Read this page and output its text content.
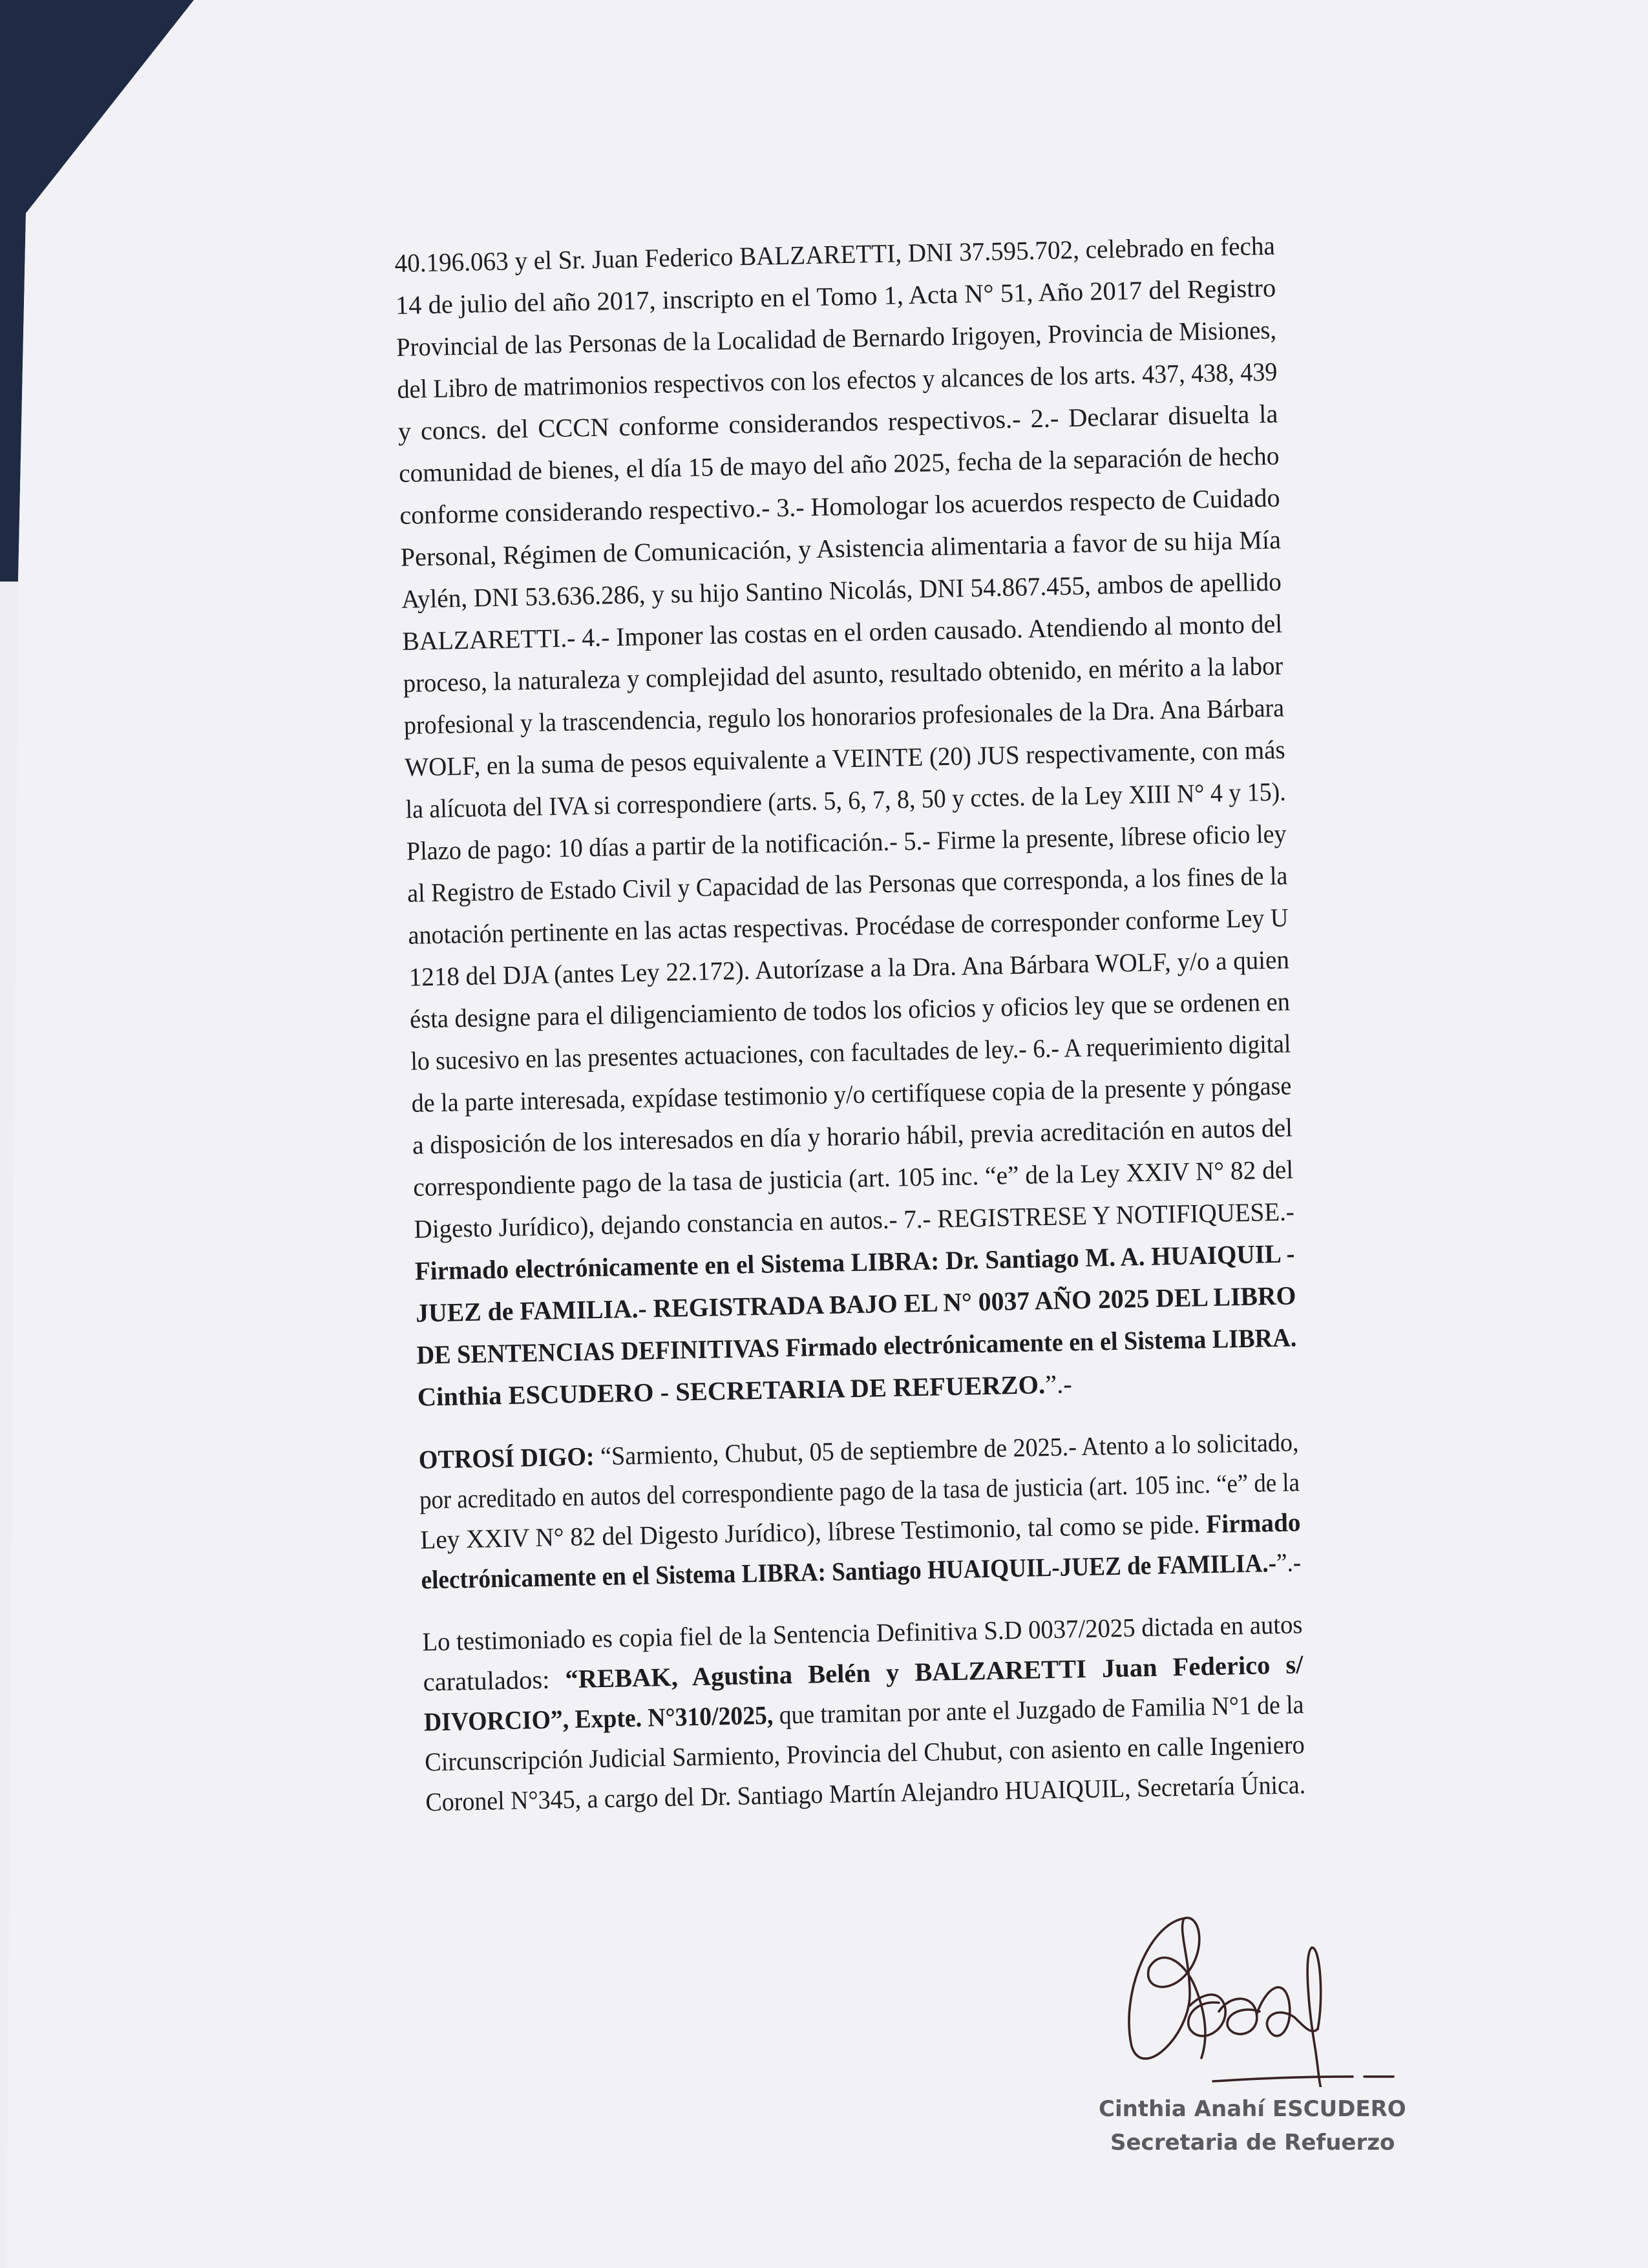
40.196.063 y el Sr. Juan Federico BALZARETTI, DNI 37.595.702, celebrado en fecha
14 de julio del año 2017, inscripto en el Tomo 1, Acta N° 51, Año 2017 del Registro
Provincial de las Personas de la Localidad de Bernardo Irigoyen, Provincia de Misiones,
del Libro de matrimonios respectivos con los efectos y alcances de los arts. 437, 438, 439
y concs. del CCCN conforme considerandos respectivos.- 2.- Declarar disuelta la
comunidad de bienes, el día 15 de mayo del año 2025, fecha de la separación de hecho
conforme considerando respectivo.- 3.- Homologar los acuerdos respecto de Cuidado
Personal, Régimen de Comunicación, y Asistencia alimentaria a favor de su hija Mía
Aylén, DNI 53.636.286, y su hijo Santino Nicolás, DNI 54.867.455, ambos de apellido
BALZARETTI.- 4.- Imponer las costas en el orden causado. Atendiendo al monto del
proceso, la naturaleza y complejidad del asunto, resultado obtenido, en mérito a la labor
profesional y la trascendencia, regulo los honorarios profesionales de la Dra. Ana Bárbara
WOLF, en la suma de pesos equivalente a VEINTE (20) JUS respectivamente, con más
la alícuota del IVA si correspondiere (arts. 5, 6, 7, 8, 50 y cctes. de la Ley XIII N° 4 y 15).
Plazo de pago: 10 días a partir de la notificación.- 5.- Firme la presente, líbrese oficio ley
al Registro de Estado Civil y Capacidad de las Personas que corresponda, a los fines de la
anotación pertinente en las actas respectivas. Procédase de corresponder conforme Ley U
1218 del DJA (antes Ley 22.172). Autorízase a la Dra. Ana Bárbara WOLF, y/o a quien
ésta designe para el diligenciamiento de todos los oficios y oficios ley que se ordenen en
lo sucesivo en las presentes actuaciones, con facultades de ley.- 6.- A requerimiento digital
de la parte interesada, expídase testimonio y/o certifíquese copia de la presente y póngase
a disposición de los interesados en día y horario hábil, previa acreditación en autos del
correspondiente pago de la tasa de justicia (art. 105 inc. “e” de la Ley XXIV N° 82 del
Digesto Jurídico), dejando constancia en autos.- 7.- REGISTRESE Y NOTIFIQUESE.-
Firmado electrónicamente en el Sistema LIBRA: Dr. Santiago M. A. HUAIQUIL -
JUEZ de FAMILIA.- REGISTRADA BAJO EL N° 0037 AÑO 2025 DEL LIBRO
DE SENTENCIAS DEFINITIVAS Firmado electrónicamente en el Sistema LIBRA.
Cinthia ESCUDERO - SECRETARIA DE REFUERZO.”.-
OTROSÍ DIGO: “Sarmiento, Chubut, 05 de septiembre de 2025.- Atento a lo solicitado,
por acreditado en autos del correspondiente pago de la tasa de justicia (art. 105 inc. “e” de la
Ley XXIV N° 82 del Digesto Jurídico), líbrese Testimonio, tal como se pide. Firmado
electrónicamente en el Sistema LIBRA: Santiago HUAIQUIL-JUEZ de FAMILIA.-”.-
Lo testimoniado es copia fiel de la Sentencia Definitiva S.D 0037/2025 dictada en autos
caratulados: “REBAK, Agustina Belén y BALZARETTI Juan Federico s/
DIVORCIO”, Expte. N°310/2025, que tramitan por ante el Juzgado de Familia N°1 de la
Circunscripción Judicial Sarmiento, Provincia del Chubut, con asiento en calle Ingeniero
Coronel N°345, a cargo del Dr. Santiago Martín Alejandro HUAIQUIL, Secretaría Única.
Cinthia Anahí ESCUDERO
Secretaria de Refuerzo
